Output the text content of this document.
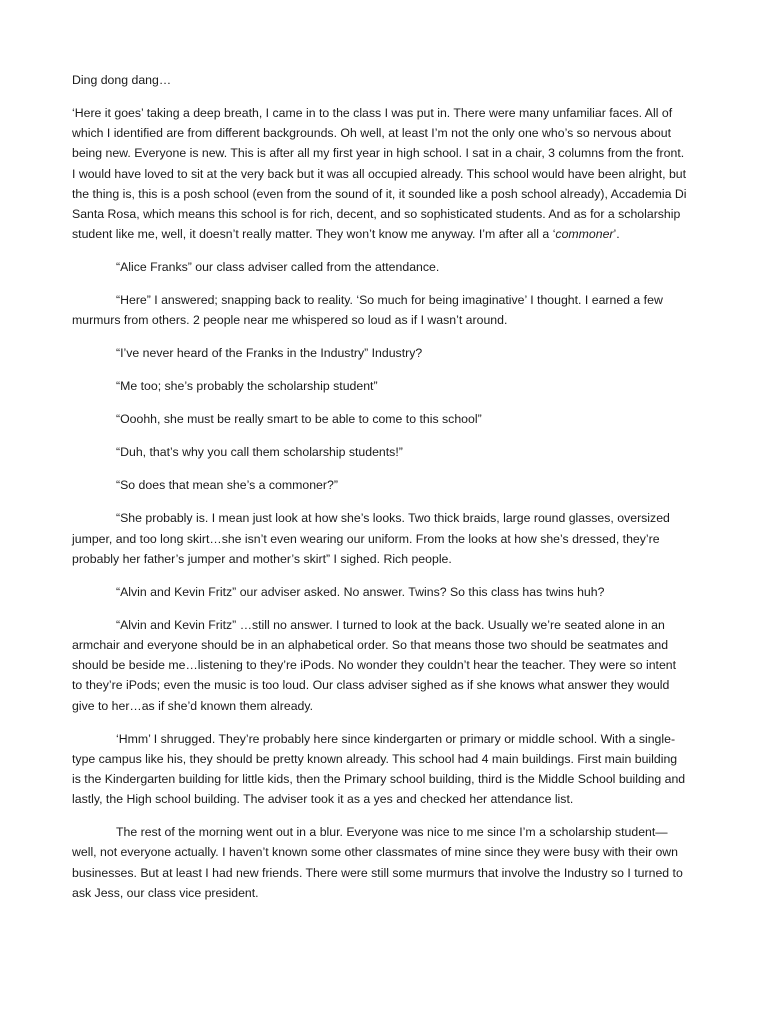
Ding dong dang…

‘Here it goes’ taking a deep breath, I came in to the class I was put in. There were many unfamiliar faces. All of which I identified are from different backgrounds. Oh well, at least I’m not the only one who’s so nervous about being new. Everyone is new. This is after all my first year in high school. I sat in a chair, 3 columns from the front. I would have loved to sit at the very back but it was all occupied already. This school would have been alright, but the thing is, this is a posh school (even from the sound of it, it sounded like a posh school already), Accademia Di Santa Rosa, which means this school is for rich, decent, and so sophisticated students. And as for a scholarship student like me, well, it doesn’t really matter. They won’t know me anyway. I’m after all a ‘commoner’.

“Alice Franks” our class adviser called from the attendance.

“Here” I answered; snapping back to reality. ‘So much for being imaginative’ I thought. I earned a few murmurs from others. 2 people near me whispered so loud as if I wasn’t around.

“I’ve never heard of the Franks in the Industry” Industry?

“Me too; she’s probably the scholarship student”

“Ooohh, she must be really smart to be able to come to this school”

“Duh, that’s why you call them scholarship students!”

“So does that mean she’s a commoner?”

“She probably is. I mean just look at how she’s looks. Two thick braids, large round glasses, oversized jumper, and too long skirt…she isn’t even wearing our uniform. From the looks at how she’s dressed, they’re probably her father’s jumper and mother’s skirt” I sighed. Rich people.

“Alvin and Kevin Fritz” our adviser asked. No answer. Twins? So this class has twins huh?

“Alvin and Kevin Fritz” …still no answer. I turned to look at the back. Usually we’re seated alone in an armchair and everyone should be in an alphabetical order. So that means those two should be seatmates and should be beside me…listening to they’re iPods. No wonder they couldn’t hear the teacher. They were so intent to they’re iPods; even the music is too loud. Our class adviser sighed as if she knows what answer they would give to her…as if she’d known them already.

‘Hmm’ I shrugged. They’re probably here since kindergarten or primary or middle school. With a single-type campus like his, they should be pretty known already. This school had 4 main buildings. First main building is the Kindergarten building for little kids, then the Primary school building, third is the Middle School building and lastly, the High school building. The adviser took it as a yes and checked her attendance list.

The rest of the morning went out in a blur. Everyone was nice to me since I’m a scholarship student—well, not everyone actually. I haven’t known some other classmates of mine since they were busy with their own businesses. But at least I had new friends. There were still some murmurs that involve the Industry so I turned to ask Jess, our class vice president.
